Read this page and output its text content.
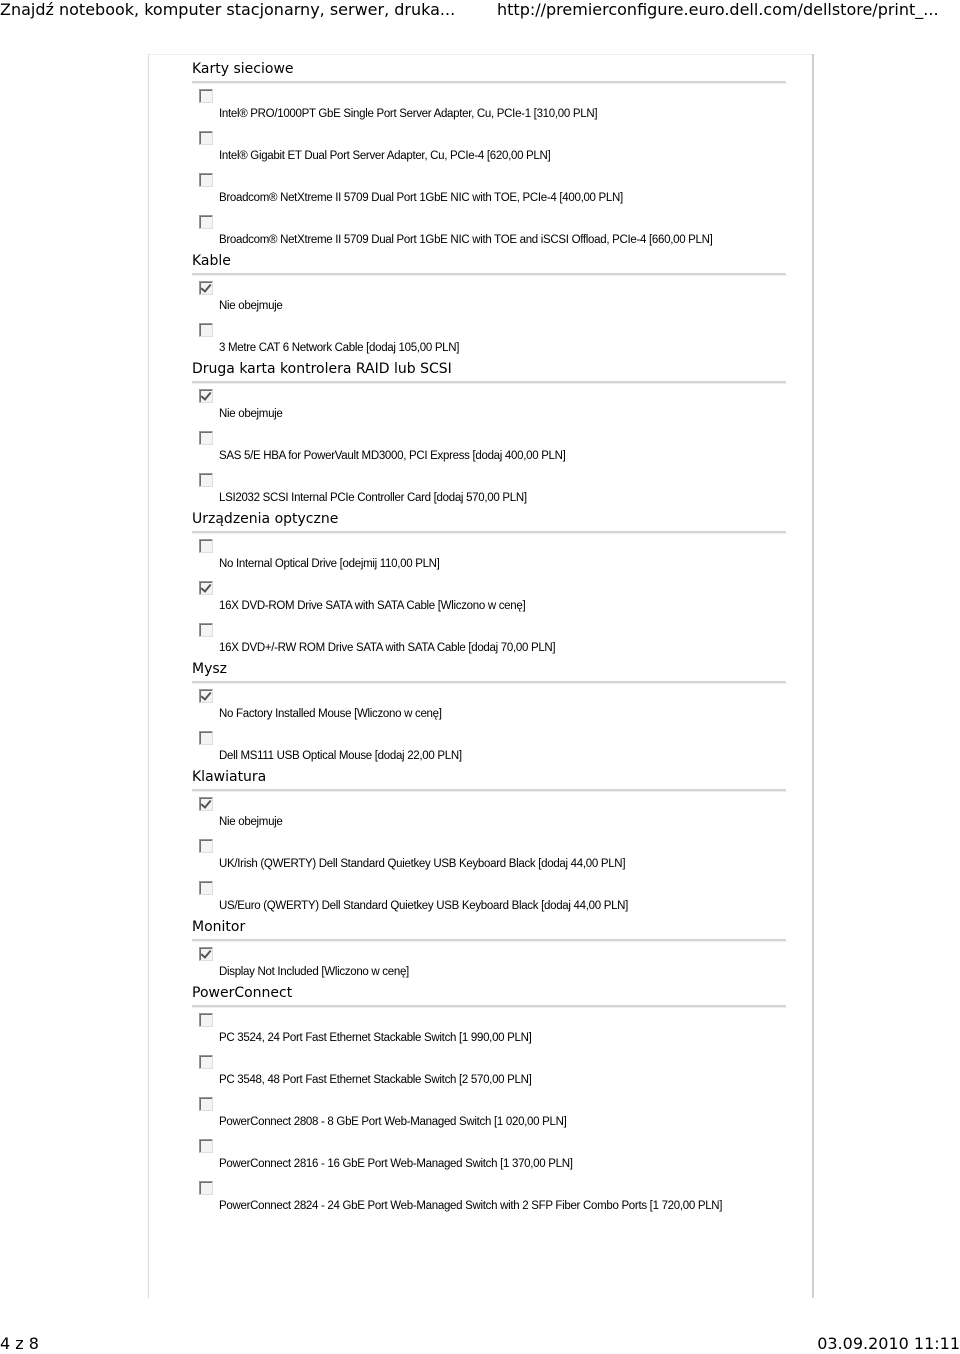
Znajdź notebook, komputer stacjonarny, serwer, druka...	http://premierconfigure.euro.dell.com/dellstore/print_...
Karty sieciowe
Intel® PRO/1000PT GbE Single Port Server Adapter, Cu, PCIe-1 [310,00 PLN]
Intel® Gigabit ET Dual Port Server Adapter, Cu, PCIe-4 [620,00 PLN]
Broadcom® NetXtreme II 5709 Dual Port 1GbE NIC with TOE, PCIe-4 [400,00 PLN]
Broadcom® NetXtreme II 5709 Dual Port 1GbE NIC with TOE and iSCSI Offload, PCIe-4 [660,00 PLN]
Kable
Nie obejmuje
3 Metre CAT 6 Network Cable [dodaj 105,00 PLN]
Druga karta kontrolera RAID lub SCSI
Nie obejmuje
SAS 5/E HBA for PowerVault MD3000, PCI Express [dodaj 400,00 PLN]
LSI2032 SCSI Internal PCIe Controller Card [dodaj 570,00 PLN]
Urządzenia optyczne
No Internal Optical Drive [odejmij 110,00 PLN]
16X DVD-ROM Drive SATA with SATA Cable [Wliczono w cenę]
16X DVD+/-RW ROM Drive SATA with SATA Cable [dodaj 70,00 PLN]
Mysz
No Factory Installed Mouse [Wliczono w cenę]
Dell MS111 USB Optical Mouse [dodaj 22,00 PLN]
Klawiatura
Nie obejmuje
UK/Irish (QWERTY) Dell Standard Quietkey USB Keyboard Black [dodaj 44,00 PLN]
US/Euro (QWERTY) Dell Standard Quietkey USB Keyboard Black [dodaj 44,00 PLN]
Monitor
Display Not Included [Wliczono w cenę]
PowerConnect
PC 3524, 24 Port Fast Ethernet Stackable Switch [1 990,00 PLN]
PC 3548, 48 Port Fast Ethernet Stackable Switch [2 570,00 PLN]
PowerConnect 2808 - 8 GbE Port Web-Managed Switch [1 020,00 PLN]
PowerConnect 2816 - 16 GbE Port Web-Managed Switch [1 370,00 PLN]
PowerConnect 2824 - 24 GbE Port Web-Managed Switch with 2 SFP Fiber Combo Ports [1 720,00 PLN]
4 z 8	03.09.2010 11:11
